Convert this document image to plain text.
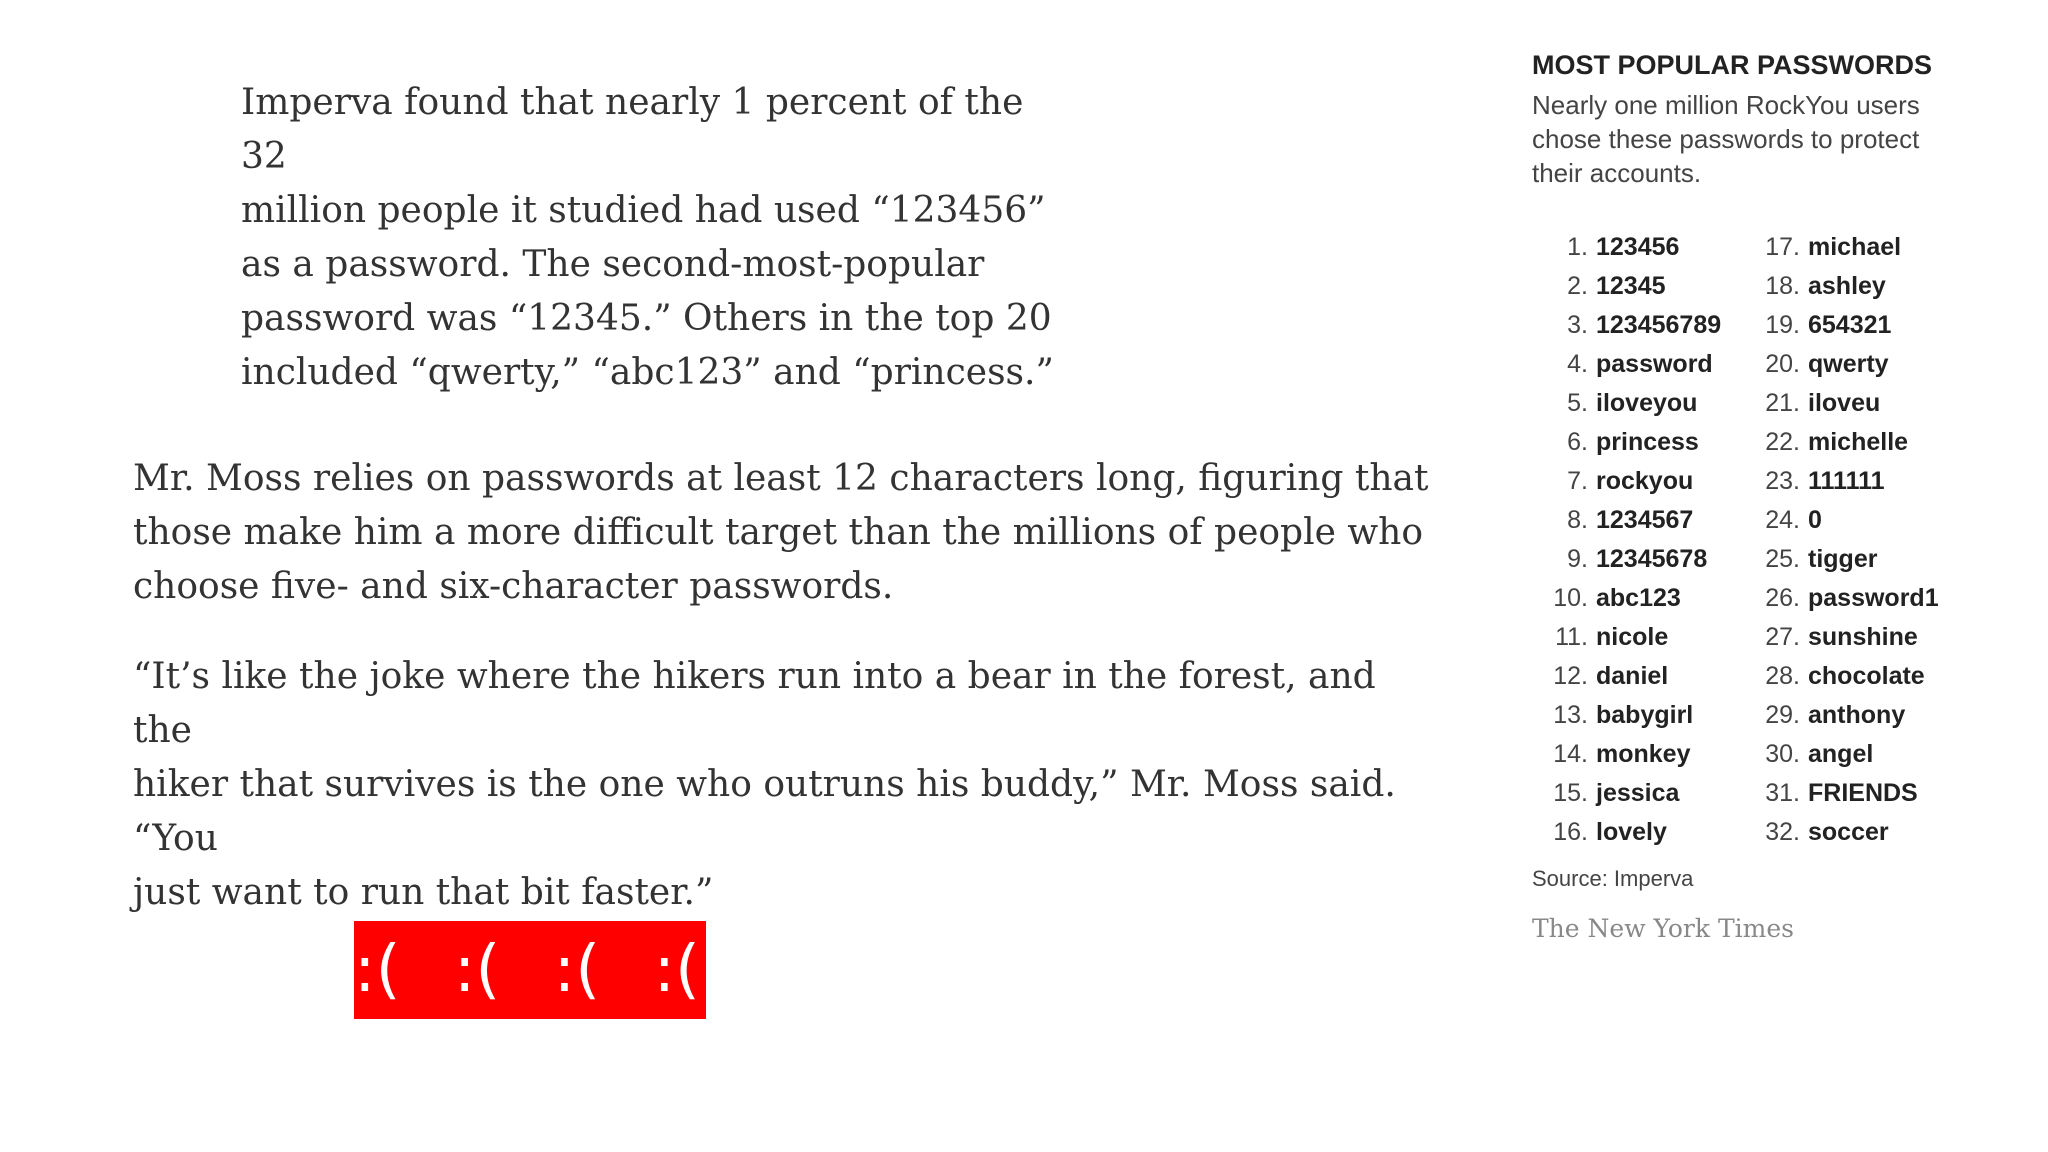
Imperva found that nearly 1 percent of the 32
million people it studied had used “123456”
as a password. The second-most-popular
password was “12345.” Others in the top 20
included “qwerty,” “abc123” and “princess.”

Mr. Moss relies on passwords at least 12 characters long, figuring that
those make him a more difficult target than the millions of people who
choose five- and six-character passwords.

“It’s like the joke where the hikers run into a bear in the forest, and the
hiker that survives is the one who outruns his buddy,” Mr. Moss said. “You
just want to run that bit faster.”

:( :( :( :(
MOST POPULAR PASSWORDS

Nearly one million RockYou users chose these passwords to protect their accounts.

1. 123456
2. 12345
3. 123456789
4. password
5. iloveyou
6. princess
7. rockyou
8. 1234567
9. 12345678
10. abc123
11. nicole
12. daniel
13. babygirl
14. monkey
15. jessica
16. lovely
17. michael
18. ashley
19. 654321
20. qwerty
21. iloveu
22. michelle
23. 111111
24. 0
25. tigger
26. password1
27. sunshine
28. chocolate
29. anthony
30. angel
31. FRIENDS
32. soccer

Source: Imperva

The New York Times
